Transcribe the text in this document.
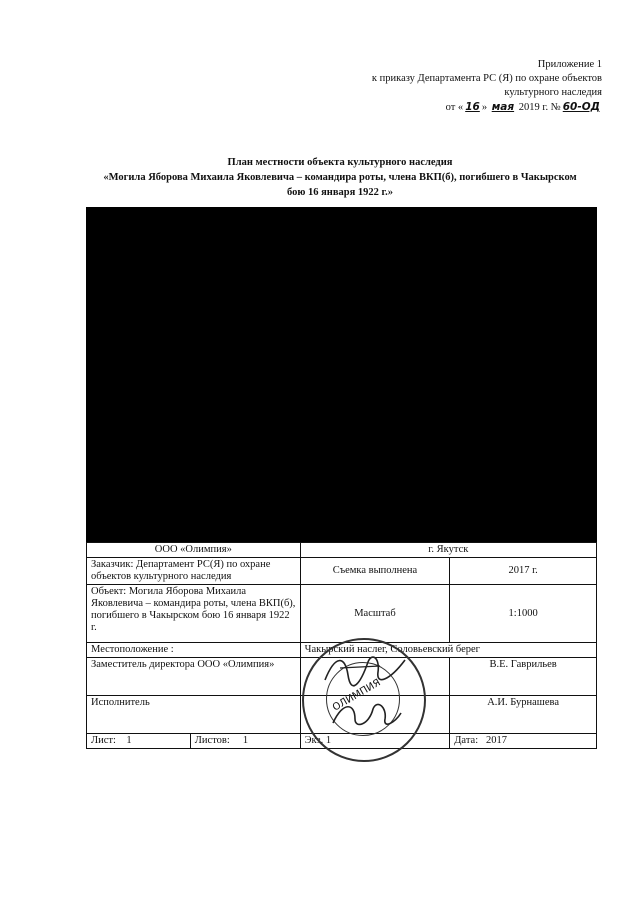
Приложение 1
к приказу Департамента РС (Я) по охране объектов
культурного наследия
от « 16 » мая 2019 г. № 60-ОД
План местности объекта культурного наследия
«Могила Яборова Михаила Яковлевича – командира роты, члена ВКП(б), погибшего в Чакырском
бою 16 января 1922 г.»
ООО «Олимпия»		г. Якутск	
Заказчик: Департамент РС(Я) по охране объектов культурного наследия		Съемка выполнена	2017 г.
Объект: Могила Яборова Михаила Яковлевича – командира роты, члена ВКП(б), погибшего в Чакырском бою 16 января 1922 г.		Масштаб	1:1000
Местоположение :		Чакырский наслег, Соловьевский берег	
Заместитель директора ООО «Олимпия»			В.Е. Гаврильев
Исполнитель			А.И. Бурнашева
Лист: 1	Листов: 1	Экз. 1	Дата: 2017
ОЛИМПИЯ
